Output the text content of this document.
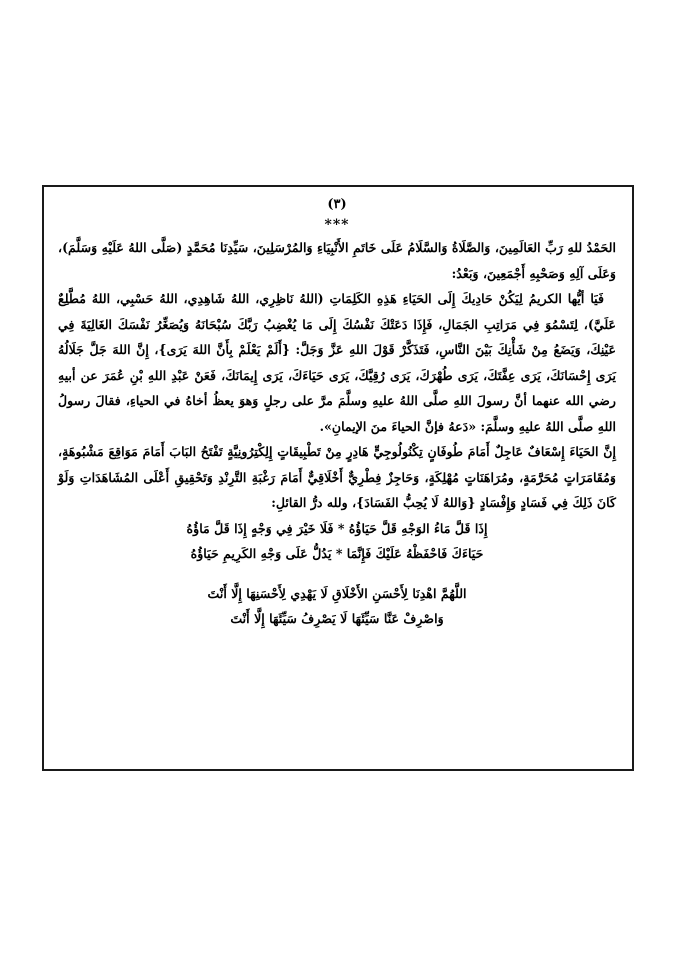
(٣)
***

الحَمْدُ للهِ رَبِّ العَالَمِينَ، وَالصَّلَاةُ وَالسَّلَامُ عَلَى خَاتَمِ الأَنْبِيَاءِ وَالمُرْسَلِينَ، سَيِّدِنَا مُحَمَّدٍ (صَلَّى اللهُ عَلَيْهِ وَسَلَّمَ)، وَعَلَى آلِهِ وَصَحْبِهِ أَجْمَعِينَ، وَبَعْدُ:

فَيَا أيُّها الكريمُ لِيَكُنْ حَادِيكَ إِلَى الحَيَاءِ هَذِهِ الكَلِمَاتِ (اللهُ نَاظِرِي، اللهُ شَاهِدِي، اللهُ حَسْبِي، اللهُ مُطَّلِعٌ عَلَيَّ)، لِتَسْمُوَ فِي مَرَاتِبِ الجَمَالِ، فَإِذَا دَعَتْكَ نَفْسُكَ إِلَى مَا يُغْضِبُ رَبَّكَ سُبْحَانَهُ وَيُصَغِّرُ نَفْسَكَ الغَالِيَةَ فِي عَيْنِكَ، وَيَضَعُ مِنْ شَأْنِكَ بَيْنَ النَّاسِ، فَتَذَكَّرْ قَوْلَ اللهِ عَزَّ وَجَلَّ: {أَلَمْ يَعْلَمْ بِأَنَّ اللهَ يَرَى}، إِنَّ اللهَ جَلَّ جَلَالُهُ يَرَى إِحْسَانَكَ، يَرَى عِفَّتَكَ، يَرَى طُهْرَكَ، يَرَى رُقِيَّكَ، يَرَى حَيَاءَكَ، يَرَى إِيمَانَكَ، فَعَنْ عَبْدِ اللهِ بْنِ عُمَرَ عن أبيهِ رضي الله عنهما أنَّ رسولَ اللهِ صلَّى اللهُ عليهِ وسلَّمَ مرَّ على رجلٍ وَهوَ يعظُ أخاهُ في الحياءِ، فقالَ رسولُ اللهِ صلَّى اللهُ عليهِ وسلَّمَ: «دَعهُ فإنَّ الحياءَ منَ الإيمانِ».

إِنَّ الحَيَاءَ إِسْعَافٌ عَاجِلٌ أَمَامَ طُوفَانٍ تِكْنُولُوجِيٍّ هَادِرٍ مِنْ تَطْبِيقَاتٍ إِلِكْتِرُونِيَّةٍ تَفْتَحُ البَابَ أَمَامَ مَوَاقِعَ مَشْبُوهَةٍ، وَمُقَامَرَاتٍ مُحَرَّمَةٍ، ومُرَاهَنَاتٍ مُهْلِكَةٍ، وَحَاجِزٌ فِطْرِيٌّ أَخْلَاقِيٌّ أَمَامَ رَغْبَةِ التَّرِنْدِ وَتَحْقِيقِ أَعْلَى المُشَاهَدَاتِ وَلَوْ كَانَ ذَلِكَ فِي فَسَادٍ وَإِفْسَادٍ {وَاللهُ لَا يُحِبُّ الفَسَادَ}، ولله درُّ القائلِ:

إِذَا قَلَّ مَاءُ الوَجْهِ قَلَّ حَيَاؤُهُ * فَلَا خَيْرَ فِي وَجْهٍ إِذَا قَلَّ مَاؤُهُ
حَيَاءَكَ فَاحْفَظْهُ عَلَيْكَ فَإِنَّمَا * يَدُلُّ عَلَى وَجْهِ الكَرِيمِ حَيَاؤُهُ
اللَّهُمَّ اهْدِنَا لِأَحْسَنِ الأَخْلَاقِ لَا يَهْدِي لِأَحْسَنِهَا إِلَّا أَنْتَ
وَاصْرِفْ عَنَّا سَيِّئَهَا لَا يَصْرِفُ سَيِّئَهَا إِلَّا أَنْتَ
